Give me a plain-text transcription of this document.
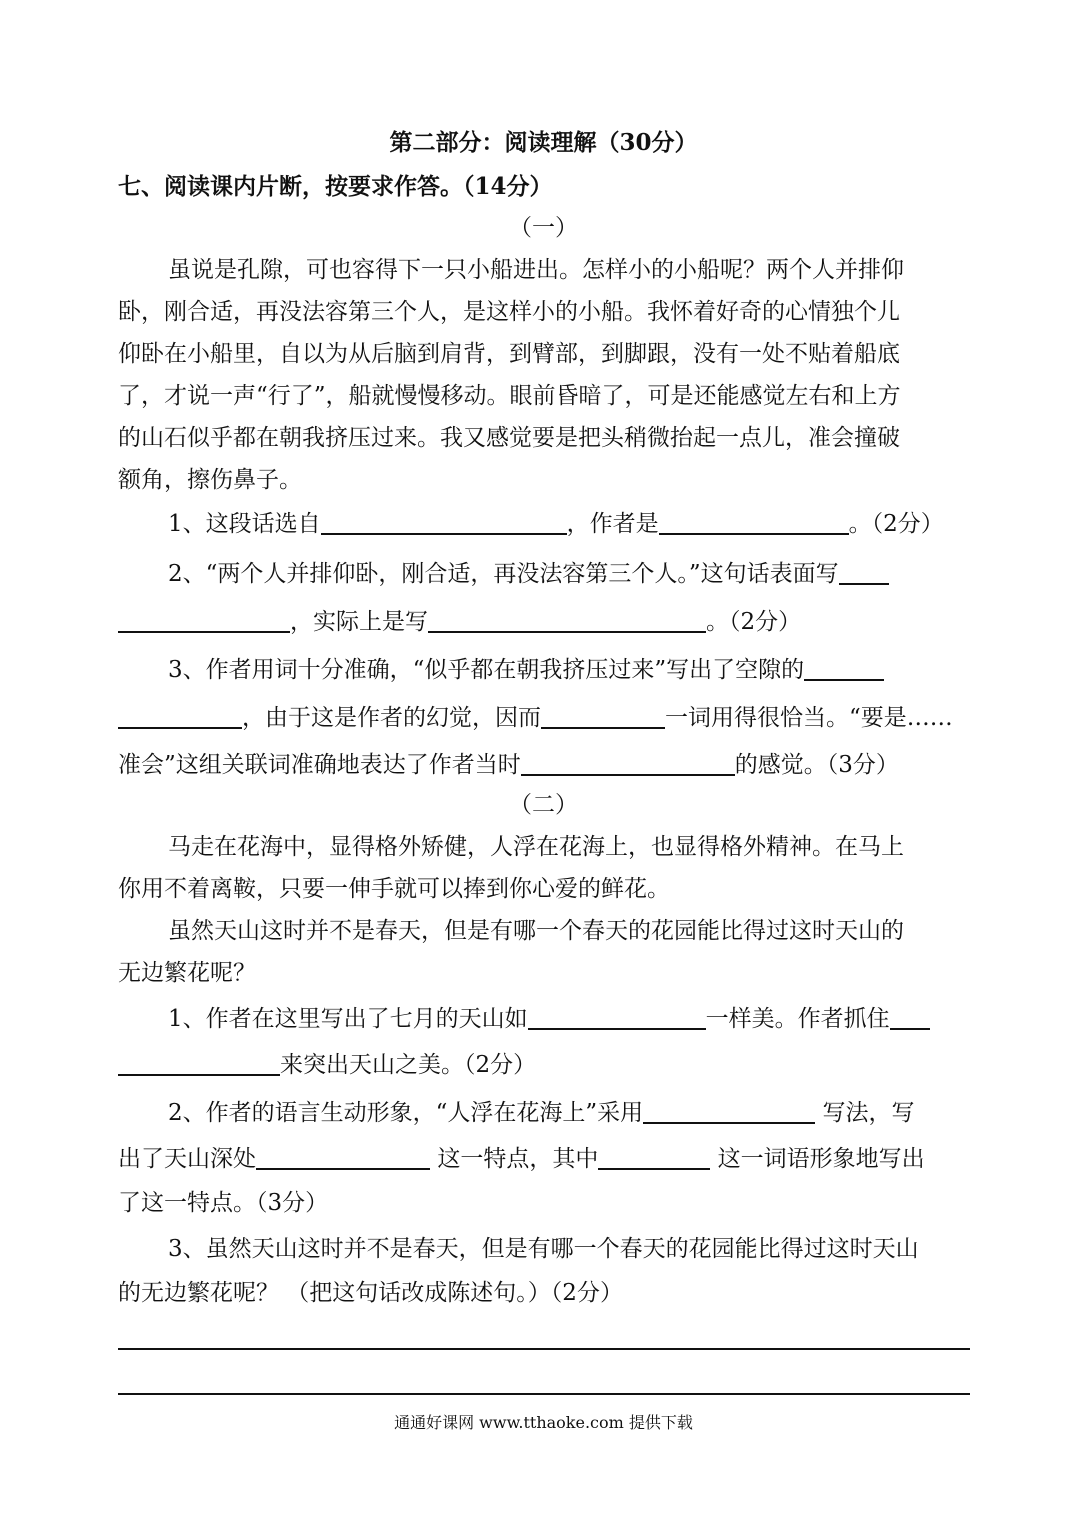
第二部分：阅读理解（30分）
七、阅读课内片断，按要求作答。（14分）
（一）
虽说是孔隙，可也容得下一只小船进出。怎样小的小船呢？两个人并排仰
卧，刚合适，再没法容第三个人，是这样小的小船。我怀着好奇的心情独个儿
仰卧在小船里，自以为从后脑到肩背，到臂部，到脚跟，没有一处不贴着船底
了，才说一声“行了”，船就慢慢移动。眼前昏暗了，可是还能感觉左右和上方
的山石似乎都在朝我挤压过来。我又感觉要是把头稍微抬起一点儿，准会撞破
额角，擦伤鼻子。
1、这段话选自	，作者是	。（2分）
2、“两个人并排仰卧，刚合适，再没法容第三个人。”这句话表面写
，实际上是写	。（2分）
3、作者用词十分准确，“似乎都在朝我挤压过来”写出了空隙的
，由于这是作者的幻觉，因而	一词用得很恰当。“要是……
准会”这组关联词准确地表达了作者当时	的感觉。（3分）
（二）
马走在花海中，显得格外矫健，人浮在花海上，也显得格外精神。在马上
你用不着离鞍，只要一伸手就可以捧到你心爱的鲜花。
虽然天山这时并不是春天，但是有哪一个春天的花园能比得过这时天山的
无边繁花呢？
1、作者在这里写出了七月的天山如	一样美。作者抓住
来突出天山之美。（2分）
2、作者的语言生动形象，“人浮在花海上”采用	写法，写
出了天山深处	这一特点，其中	这一词语形象地写出
了这一特点。（3分）
3、虽然天山这时并不是春天，但是有哪一个春天的花园能比得过这时天山
的无边繁花呢？ （把这句话改成陈述句。）（2分）
通通好课网 www.tthaoke.com 提供下载
